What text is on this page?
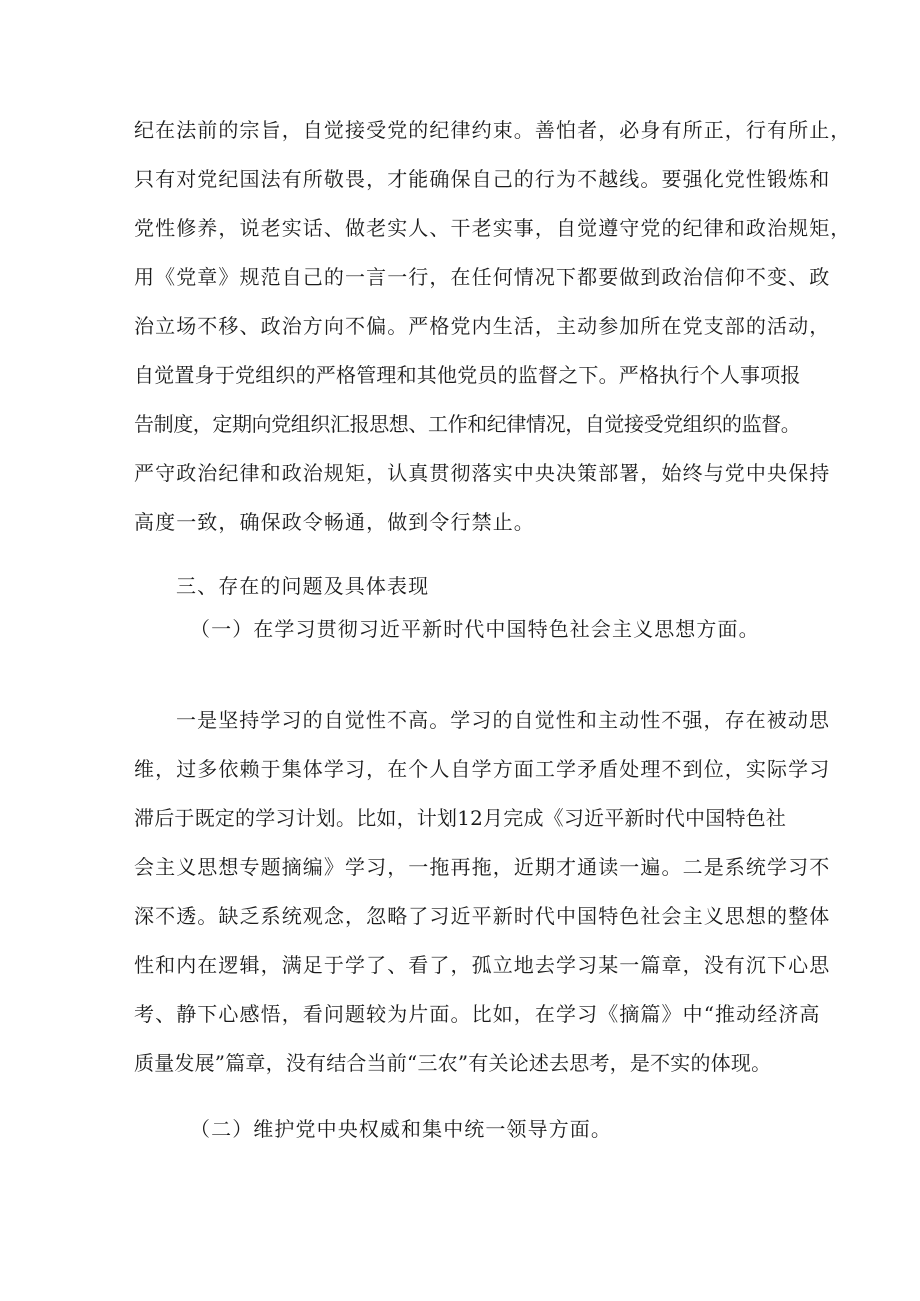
纪在法前的宗旨，自觉接受党的纪律约束。善怕者，必身有所正，行有所止，
只有对党纪国法有所敬畏，才能确保自己的行为不越线。要强化党性锻炼和
党性修养，说老实话、做老实人、干老实事，自觉遵守党的纪律和政治规矩，
用《党章》规范自己的一言一行，在任何情况下都要做到政治信仰不变、政
治立场不移、政治方向不偏。严格党内生活，主动参加所在党支部的活动，
自觉置身于党组织的严格管理和其他党员的监督之下。严格执行个人事项报
告制度，定期向党组织汇报思想、工作和纪律情况，自觉接受党组织的监督。
严守政治纪律和政治规矩，认真贯彻落实中央决策部署，始终与党中央保持
高度一致，确保政令畅通，做到令行禁止。
三、存在的问题及具体表现
（一）在学习贯彻习近平新时代中国特色社会主义思想方面。
一是坚持学习的自觉性不高。学习的自觉性和主动性不强，存在被动思
维，过多依赖于集体学习，在个人自学方面工学矛盾处理不到位，实际学习
滞后于既定的学习计划。比如，计划12月完成《习近平新时代中国特色社
会主义思想专题摘编》学习，一拖再拖，近期才通读一遍。二是系统学习不
深不透。缺乏系统观念，忽略了习近平新时代中国特色社会主义思想的整体
性和内在逻辑，满足于学了、看了，孤立地去学习某一篇章，没有沉下心思
考、静下心感悟，看问题较为片面。比如，在学习《摘篇》中“推动经济高
质量发展”篇章，没有结合当前“三农”有关论述去思考，是不实的体现。
（二）维护党中央权威和集中统一领导方面。
